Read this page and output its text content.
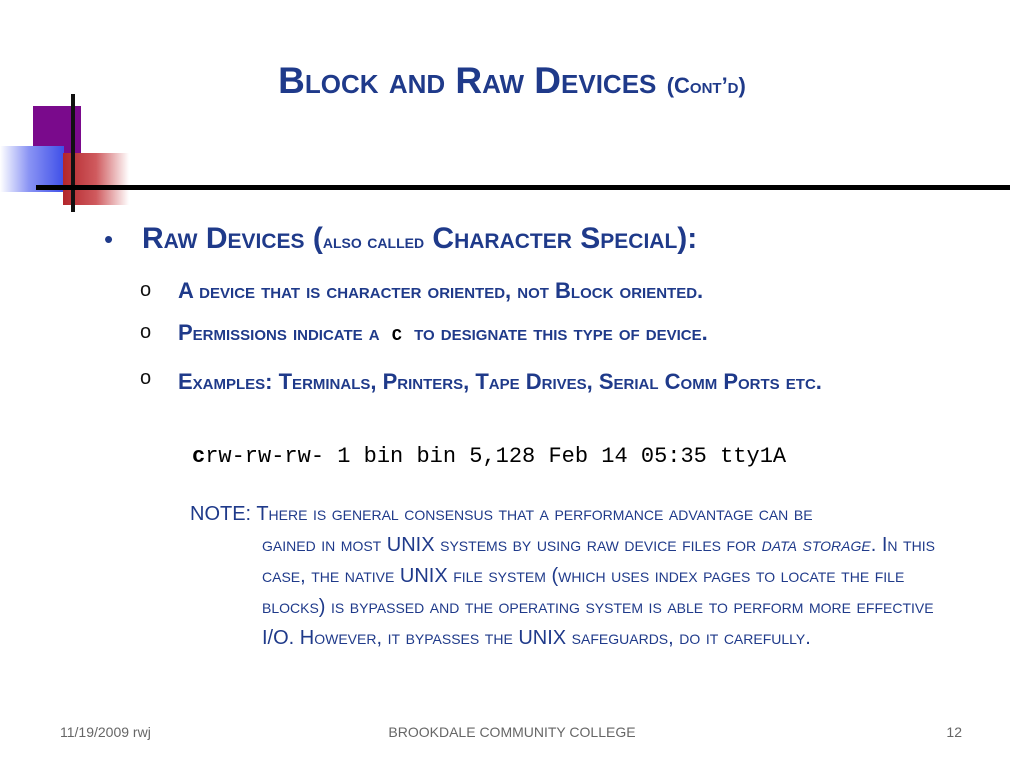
Block and Raw Devices (Cont’d)
• Raw Devices (also called Character Special):
o A device that is character oriented, not Block oriented.
o Permissions indicate a c to designate this type of device.
o Examples: Terminals, Printers, Tape Drives, Serial Comm Ports etc.
crw-rw-rw- 1 bin bin 5,128 Feb 14 05:35 tty1A
NOTE: There is general consensus that a performance advantage can be
gained in most UNIX systems by using raw device files for data storage. In this case, the native UNIX file system (which uses index pages to locate the file blocks) is bypassed and the operating system is able to perform more effective I/O. However, it bypasses the UNIX safeguards, do it carefully.
11/19/2009 rwj	BROOKDALE COMMUNITY COLLEGE	12
